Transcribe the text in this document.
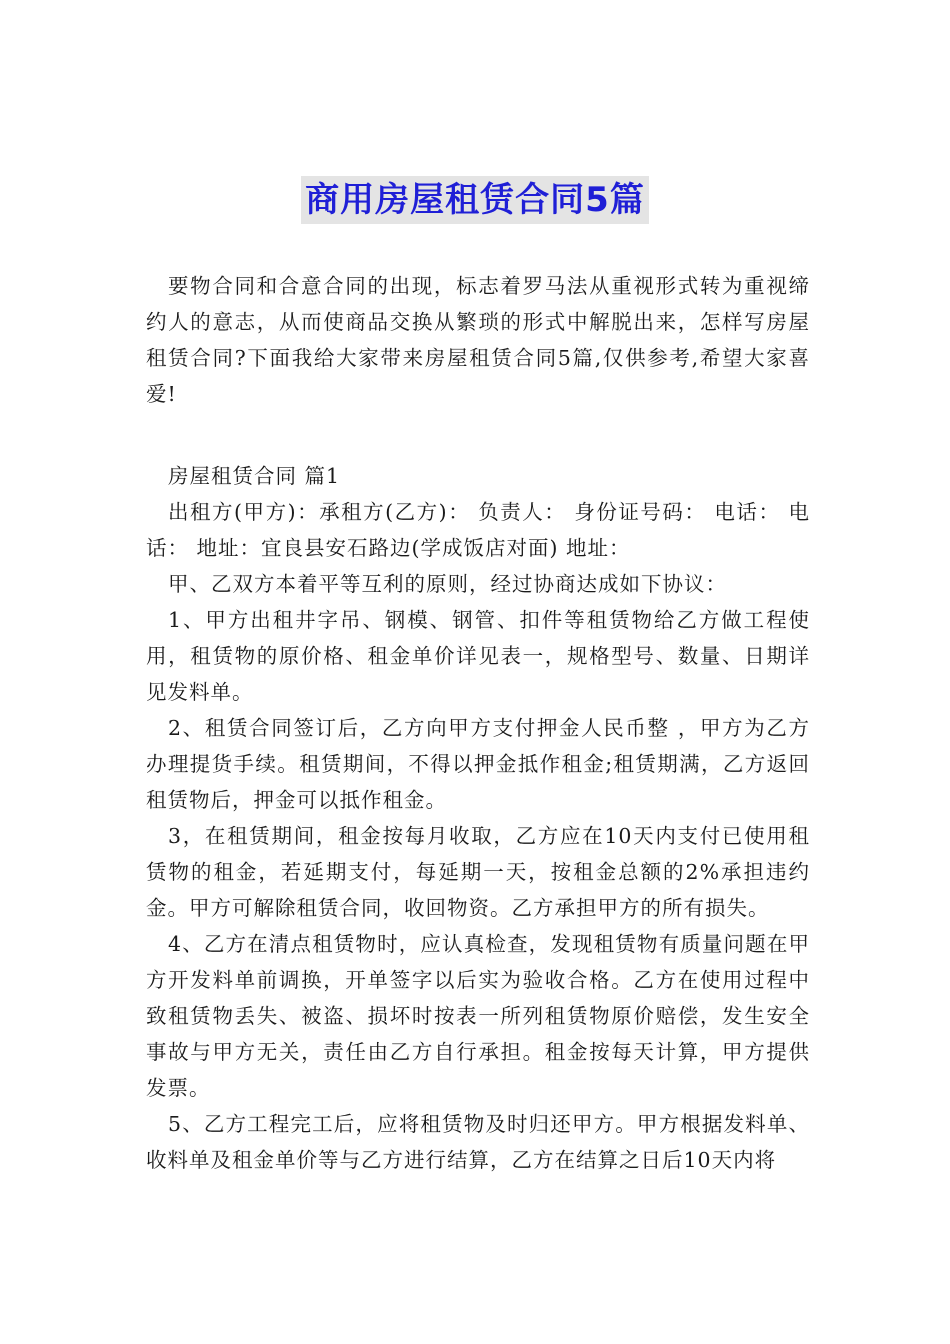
商用房屋租赁合同5篇

要物合同和合意合同的出现，标志着罗马法从重视形式转为重视缔约人的意志，从而使商品交换从繁琐的形式中解脱出来，怎样写房屋租赁合同?下面我给大家带来房屋租赁合同5篇,仅供参考,希望大家喜爱!

房屋租赁合同 篇1

出租方(甲方)：承租方(乙方)： 负责人： 身份证号码： 电话： 电话： 地址：宜良县安石路边(学成饭店对面) 地址：

甲、乙双方本着平等互利的原则，经过协商达成如下协议：

1、甲方出租井字吊、钢模、钢管、扣件等租赁物给乙方做工程使用，租赁物的原价格、租金单价详见表一，规格型号、数量、日期详见发料单。

2、租赁合同签订后，乙方向甲方支付押金人民币整 ，甲方为乙方办理提货手续。租赁期间，不得以押金抵作租金;租赁期满，乙方返回租赁物后，押金可以抵作租金。

3，在租赁期间，租金按每月收取，乙方应在10天内支付已使用租赁物的租金，若延期支付，每延期一天，按租金总额的2%承担违约金。甲方可解除租赁合同，收回物资。乙方承担甲方的所有损失。

4、乙方在清点租赁物时，应认真检查，发现租赁物有质量问题在甲方开发料单前调换，开单签字以后实为验收合格。乙方在使用过程中致租赁物丢失、被盗、损坏时按表一所列租赁物原价赔偿，发生安全事故与甲方无关，责任由乙方自行承担。租金按每天计算，甲方提供发票。

5、乙方工程完工后，应将租赁物及时归还甲方。甲方根据发料单、收料单及租金单价等与乙方进行结算，乙方在结算之日后10天内将
